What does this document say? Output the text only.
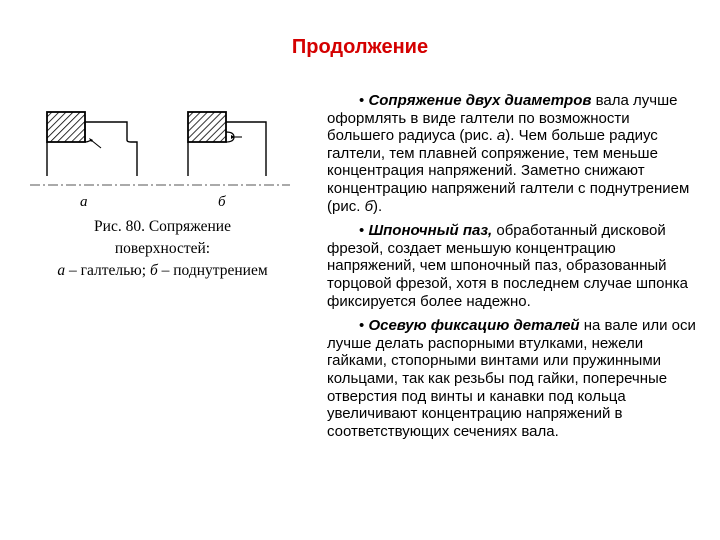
Продолжение
а	б
Рис. 80. Сопряжение
поверхностей:
а – галтелью; б – поднутрением

• Сопряжение двух диаметров вала лучше оформлять в виде галтели по возможности большего радиуса (рис. а). Чем больше радиус галтели, тем плавней сопряжение, тем меньше концентрация напряжений. Заметно снижают концентрацию напряжений галтели с поднутрением (рис. б).

• Шпоночный паз, обработанный дисковой фрезой, создает меньшую концентрацию напряжений, чем шпоночный паз, образованный торцовой фрезой, хотя в последнем случае шпонка фиксируется более надежно.

• Осевую фиксацию деталей на вале или оси лучше делать распорными втулками, нежели гайками, стопорными винтами или пружинными кольцами, так как резьбы под гайки, поперечные отверстия под винты и канавки под кольца увеличивают концентрацию напряжений в соответствующих сечениях вала.
